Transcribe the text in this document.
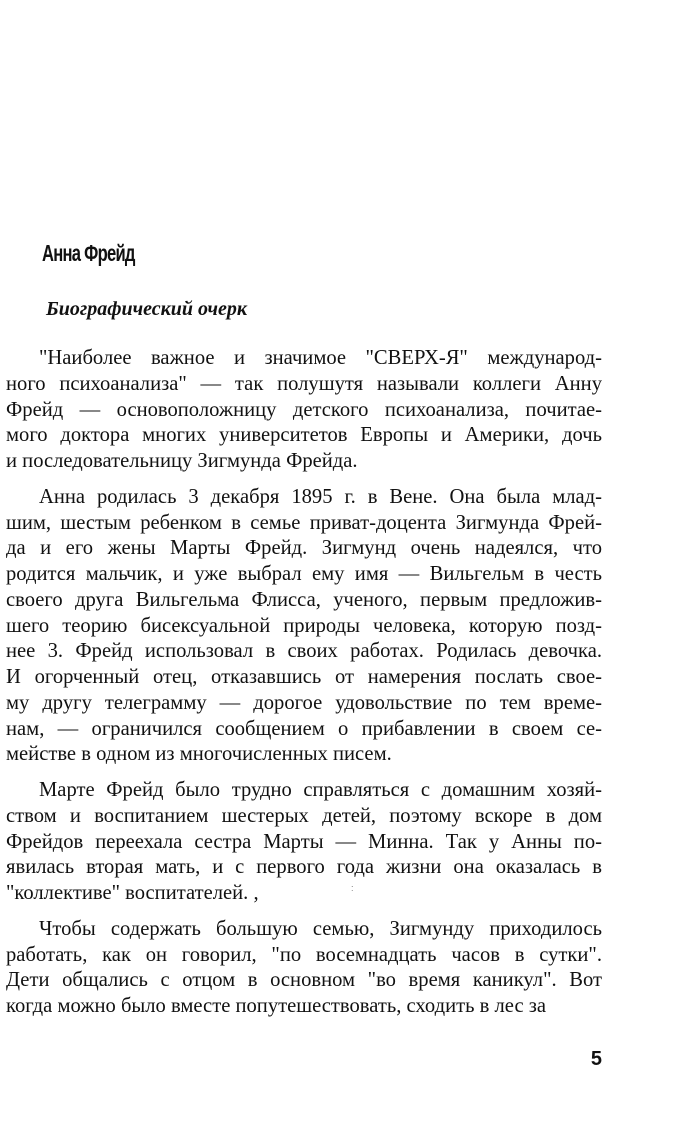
Анна Фрейд
Биографический очерк

"Наиболее важное и значимое "СВЕРХ-Я" международ-
ного психоанализа" — так полушутя называли коллеги Анну
Фрейд — основоположницу детского психоанализа, почитае-
мого доктора многих университетов Европы и Америки, дочь
и последовательницу Зигмунда Фрейда.

Анна родилась 3 декабря 1895 г. в Вене. Она была млад-
шим, шестым ребенком в семье приват-доцента Зигмунда Фрей-
да и его жены Марты Фрейд. Зигмунд очень надеялся, что
родится мальчик, и уже выбрал ему имя — Вильгельм в честь
своего друга Вильгельма Флисса, ученого, первым предложив-
шего теорию бисексуальной природы человека, которую позд-
нее 3. Фрейд использовал в своих работах. Родилась девочка.
И огорченный отец, отказавшись от намерения послать свое-
му другу телеграмму — дорогое удовольствие по тем време-
нам, — ограничился сообщением о прибавлении в своем се-
мействе в одном из многочисленных писем.

Марте Фрейд было трудно справляться с домашним хозяй-
ством и воспитанием шестерых детей, поэтому вскоре в дом
Фрейдов переехала сестра Марты — Минна. Так у Анны по-
явилась вторая мать, и с первого года жизни она оказалась в
"коллективе" воспитателей. ,

Чтобы содержать большую семью, Зигмунду приходилось
работать, как он говорил, "по восемнадцать часов в сутки".
Дети общались с отцом в основном "во время каникул". Вот
когда можно было вместе попутешествовать, сходить в лес за

:
5
